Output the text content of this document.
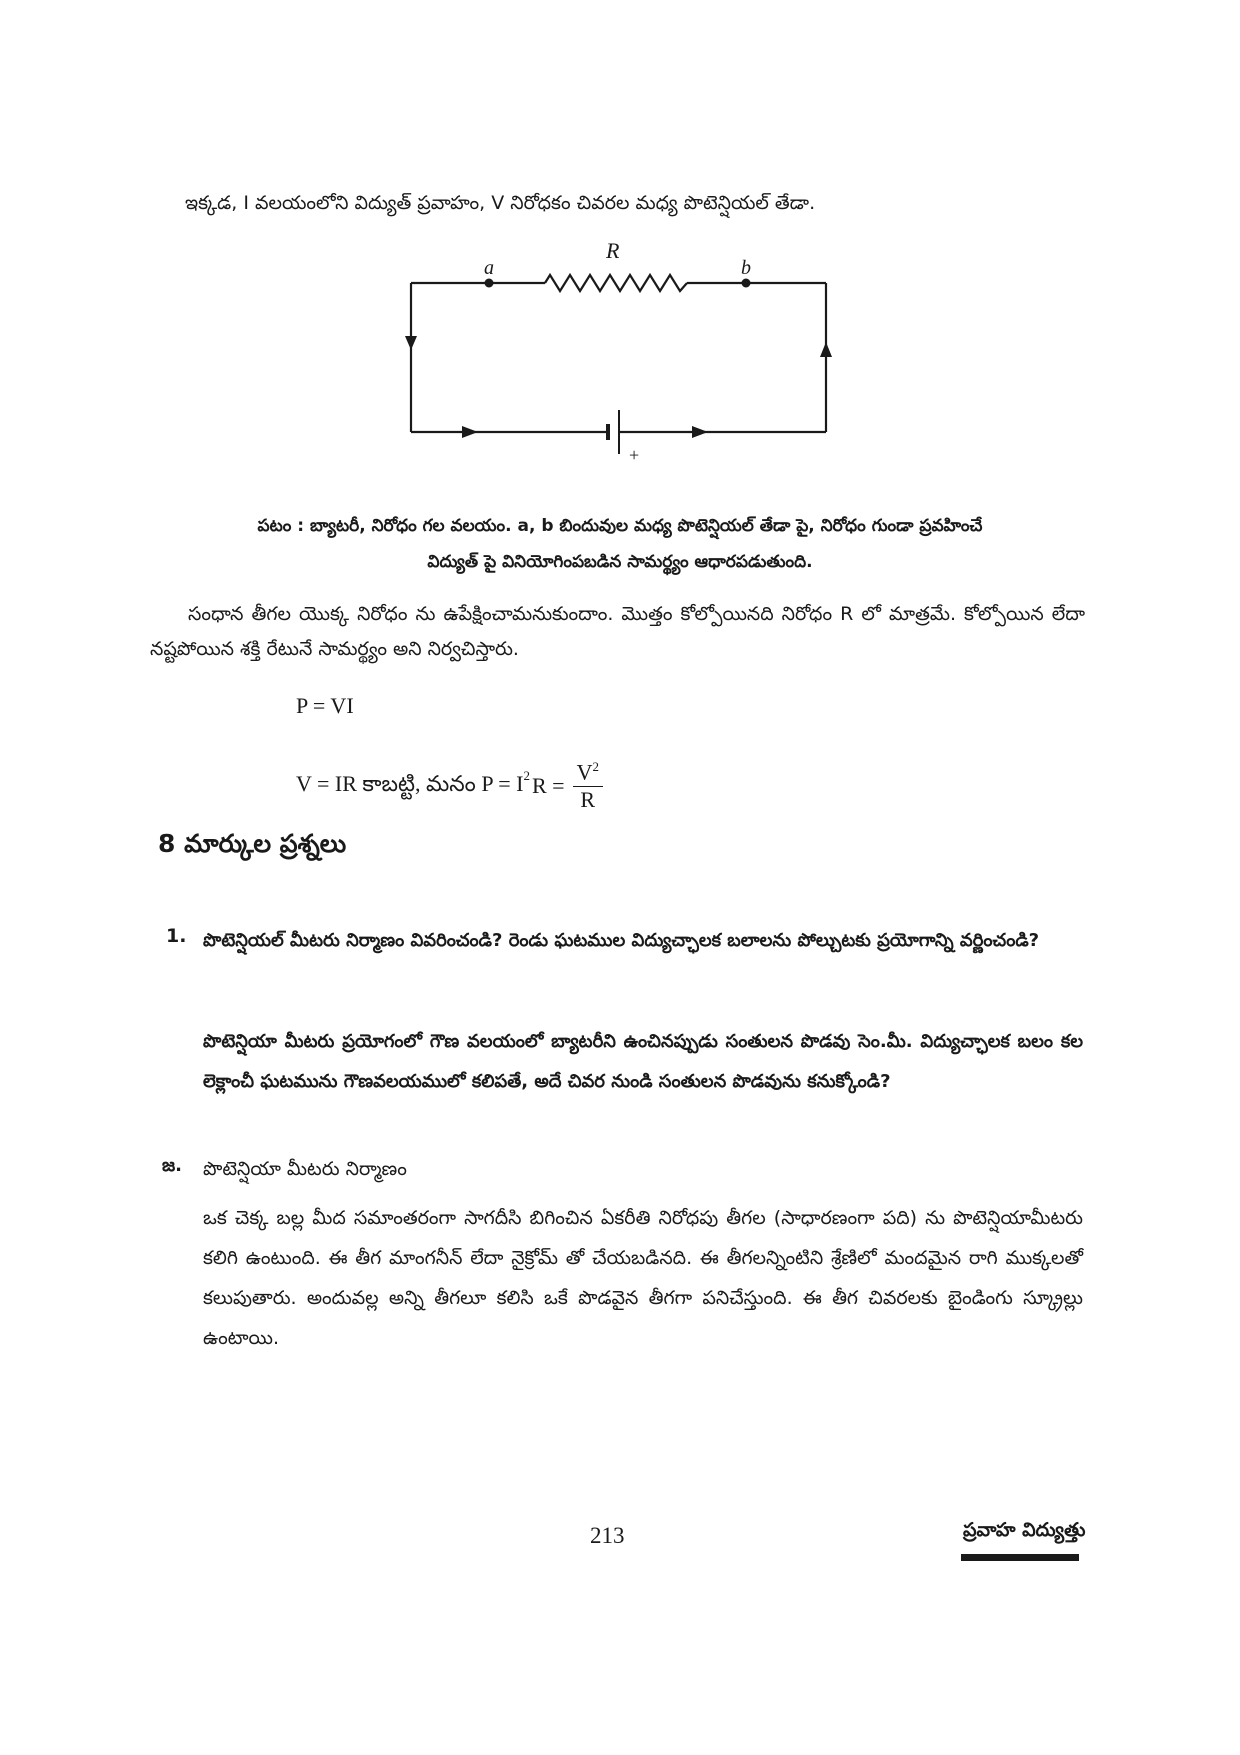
ఇక్కడ, I వలయంలోని విద్యుత్ ప్రవాహం, V నిరోధకం చివరల మధ్య పొటెన్షియల్ తేడా.
R
a	b
+
పటం : బ్యాటరీ, నిరోధం గల వలయం. a, b బిందువుల మధ్య పొటెన్షియల్ తేడా పై, నిరోధం గుండా ప్రవహించే
విద్యుత్ పై వినియోగింపబడిన సామర్థ్యం ఆధారపడుతుంది.
సంధాన తీగల యొక్క నిరోధం ను ఉపేక్షించామనుకుందాం. మొత్తం కోల్పోయినది నిరోధం R లో మాత్రమే. కోల్పోయిన లేదా నష్టపోయిన శక్తి రేటునే సామర్థ్యం అని నిర్వచిస్తారు.
P = VI
V = IR కాబట్టి, మనం $P = I^2$ $R = \frac{V^2}{R}$
8 మార్కుల ప్రశ్నలు
1. పొటెన్షియల్ మీటరు నిర్మాణం వివరించండి? రెండు ఘటముల విద్యుచ్ఛాలక బలాలను పోల్చుటకు ప్రయోగాన్ని వర్ణించండి?
పొటెన్షియా మీటరు ప్రయోగంలో గౌణ వలయంలో బ్యాటరీని ఉంచినప్పుడు సంతులన పొడవు సెం.మీ. విద్యుచ్ఛాలక బలం కల లెక్లాంచీ ఘటమును గౌణవలయములో కలిపతే, అదే చివర నుండి సంతులన పొడవును కనుక్కోండి?
జ. పొటెన్షియా మీటరు నిర్మాణం
ఒక చెక్క బల్ల మీద సమాంతరంగా సాగదీసి బిగించిన ఏకరీతి నిరోధపు తీగల (సాధారణంగా పది) ను పొటెన్షియామీటరు కలిగి ఉంటుంది. ఈ తీగ మాంగనీన్ లేదా నైక్రోమ్ తో చేయబడినది. ఈ తీగలన్నింటిని శ్రేణిలో మందమైన రాగి ముక్కలతో కలుపుతారు. అందువల్ల అన్ని తీగలూ కలిసి ఒకే పొడవైన తీగగా పనిచేస్తుంది. ఈ తీగ చివరలకు బైండింగు స్క్రూల్లు ఉంటాయి.
213	ప్రవాహ విద్యుత్తు
